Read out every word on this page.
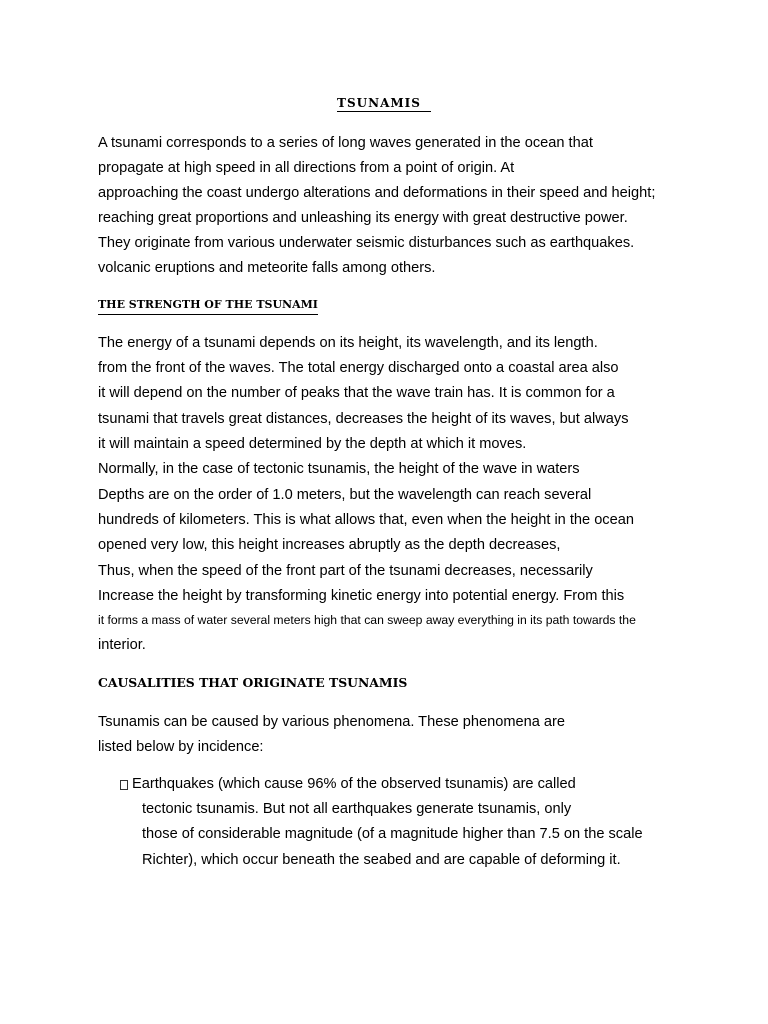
TSUNAMIS

A tsunami corresponds to a series of long waves generated in the ocean that

propagate at high speed in all directions from a point of origin. At

approaching the coast undergo alterations and deformations in their speed and height;

reaching great proportions and unleashing its energy with great destructive power.

They originate from various underwater seismic disturbances such as earthquakes.

volcanic eruptions and meteorite falls among others.

THE STRENGTH OF THE TSUNAMI

The energy of a tsunami depends on its height, its wavelength, and its length.

from the front of the waves. The total energy discharged onto a coastal area also

it will depend on the number of peaks that the wave train has. It is common for a

tsunami that travels great distances, decreases the height of its waves, but always

it will maintain a speed determined by the depth at which it moves.

Normally, in the case of tectonic tsunamis, the height of the wave in waters

Depths are on the order of 1.0 meters, but the wavelength can reach several

hundreds of kilometers. This is what allows that, even when the height in the ocean

opened very low, this height increases abruptly as the depth decreases,

Thus, when the speed of the front part of the tsunami decreases, necessarily

Increase the height by transforming kinetic energy into potential energy. From this

it forms a mass of water several meters high that can sweep away everything in its path towards the

interior.

CAUSALITIES THAT ORIGINATE TSUNAMIS

Tsunamis can be caused by various phenomena. These phenomena are

listed below by incidence:

Earthquakes (which cause 96% of the observed tsunamis) are called

tectonic tsunamis. But not all earthquakes generate tsunamis, only

those of considerable magnitude (of a magnitude higher than 7.5 on the scale

Richter), which occur beneath the seabed and are capable of deforming it.
